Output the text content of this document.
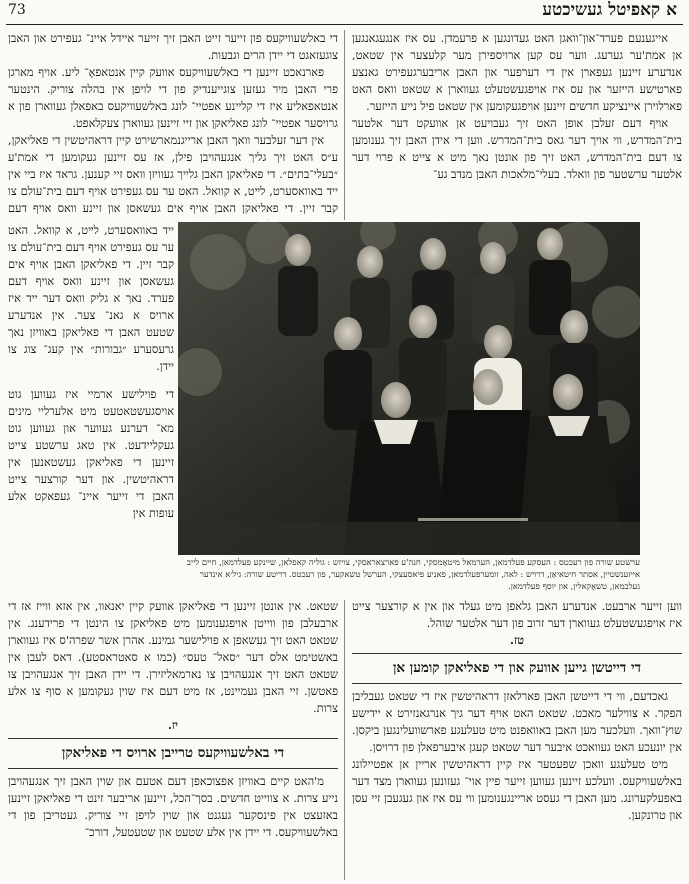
73	א קאפיטל געשיכטע

אייגענעם פערד־און־וואגן האט געדונגען א פרעמדן. עס איז אנגעגאנגען אן אמת'ער גערעג. ווער עס קען ארויספירן מער קלעצער אין שטאט, אנדערע זיינען געפארן אין די דערפער און האבן אריבערגעפירט גאנצע פארטישע הייזער און עס איז אויפגעשטעלט געווארן א שטאט וואס האט פארלוירן איינציקע חדשים זיינען אויפגעקומען אין שטאט פיל נייע הייזער.

אויף דעם זעלבן אופן האט זיך געבויעט אן אוועקט דער אלטער בית־המדרש, ווי אויך דער גאס בית־המדרש. ווען די אידן האבן זיך גענומען צו דעם בית־המדרש, האט זיך פון אונטן נאך מיט א צייט א פרוי דער אלטער ערשטער פון וואלד. בעלי־מלאכות האבן מנדב גע־

די באלשעוויקעס פון זייער זייט האבן זיך זייער איידל איינ־ געפירט און האבן צוגעזאגט די יידן הרים וגבעות.

פארנאכט זיינען די באלשעוויקעס אוועק קיין אנטאפאָ־ ליע. אויף מארגן פרי האבן מיר געזען צוגייענדיק פון די לויפן אין בהלה צוריק. הינטער אנטאפאליע איז די קליינע אפטיי־ לונג באלשעוויקעס באפאלן געווארן פון א גרויסער אפטיי־ לונג פאליאקן און זיי זיינען געווארן צעקלאפט.

אין דער זעלבער וואך האבן ארייגנמארשירט קיין דראהיטשין די פאליאקן, ע״ס האט זיך גליך אנגעהויבן פילן, אז עס זיינען געקומען די אמת'ע ״בעלי־בתים״. די פאליאקן האבן גלייך געוויזן וואס זיי קענען. גראד איז ביי אין ייד באוואסערט, לײט, א קוואל. האט ער עס געפירט אויף דעם בית־עולם צו קבר זיין. די פאליאקן האבן אויף אים געשאסן און זיינע וואס אויף דעם

ייד באוואסערט, לײט, א קוואל. האט ער עס געפירט אויף דעם בית־עולם צו קבר זיין. די פאליאקן האבן אויף אים געשאסן און זיינע וואס אויף דעם פערד. נאך א גליק וואס דער ייד איז ארויס א גאנ־ צער. אין אנדערע שטעט האבן די פאליאקן באוויזן נאך גרעסערע ״גבורות״ אין קעג־ צוג צו יידן.

די פוילישע ארמיי איז געווען גוט אויסגעשטאטעט מיט אלערליי מינים מא־ דערנע געווער און געווען גוט געקליידעט. אין טאג ערשטע צייט זיינען די פאליאקן געשטאנען אין דראהיטשין. און דער קורצער צייט האבן די זייער איינ־ געפאקט אלע עופות אין

ערשטע שורה פון רעכטס : העסקע פעלדמאן, הערמאל מיטאָמסקי, חנה'ע פארצאראסקי, צויזש : גוליה קאפלאן, שיינקע פעלדמאן, חיים לייב אייזענשטיין, אסתר חיטאיאַן, דרויש : לאה, זומערפעלדמאן, פאניע פיאסעצקי, הערשל טשאקער, פון רעכטס. דריטע שורה: גיל׳א אינדער געלבמאן, טשאָקאלין, און יוסף פעלדמאן.

ווען זייער ארבעט. אנדערע האבן גלאפן מיט געלד און אין א קורצער צייט איז אויפגעשטעלט געווארן דער זרוב פון דער אלטער שוהל.

טז.

די דייטשן גייען אוועק און די פאליאקן קומען אן

גאכדעם, ווי די דייטשן האבן פארלאזן דראהיטשין איז די שטאט געבליבן הפקר. א צווילער מאכט. שטאט האט אויף דער גיך אנרגאנזירט א יידישע שוץ־וואך. וועלכער מען האבן באוואפנט מיט טעלעגע פארשוועלינגען ביקסן. אין יונעכע האט געוואכט איבער דער שטאט קעגן איבערפאלן פון דרויסן.

מיט טעלעגע וואכן שפעטער איז קיין דראהיטשין אריין אן אפטיילונג באלשעוויקעס. וועלכע זיינען געווען זייער פיין אוי־ געזונען געווארן מצד דער באפעלקערונג. מען האבן די געסט אריינגענומען ווי עס איז און געגעבן זיי עסן און טרונקען.

שטאט. אין אונטן זיינען די פאליאקן אוועק קיין יאנאוו, אין אזא ווייז אז די ארבעלבן פון ווייטן אויפגענומען מיט פאליאקן צו הינטן די פרידענג. אין שטאט האט זיך געשאפן א פוילישער גמינע. אהרן אשר שפרה'ס איז געווארן באשטימט אלס דער ״סאל־ טעס״ (כמו א סאטראסטע). דאס לעבן אין שטאט האט זיך אנגעהויבן צו נארמאליזירן. די יידן האבן זיך אנגעהויבן צו פאטשן. זיי האבן געמיינט, אז מיט דעם איז שוין געקומען א סוף צו אלע צרות.

יז.

די באלשעוויקעס טרייבן ארויס די פאליאקן

מ'האט קיים באוויזן אפצוכאפן דעם אטעם און שוין האבן זיך אנגעהויבן נייע צרות. א צווייט חדשים. בסך־הכל, זיינען אריבער זינט די פאליאקן זיינען באזעצט אין פינסקער געגנט און שוין לויפן זיי צוריק. געטריבן פון די באלשעוויקעס. די יידן אין אלע שטעט און שטעטעל, דורכ־
